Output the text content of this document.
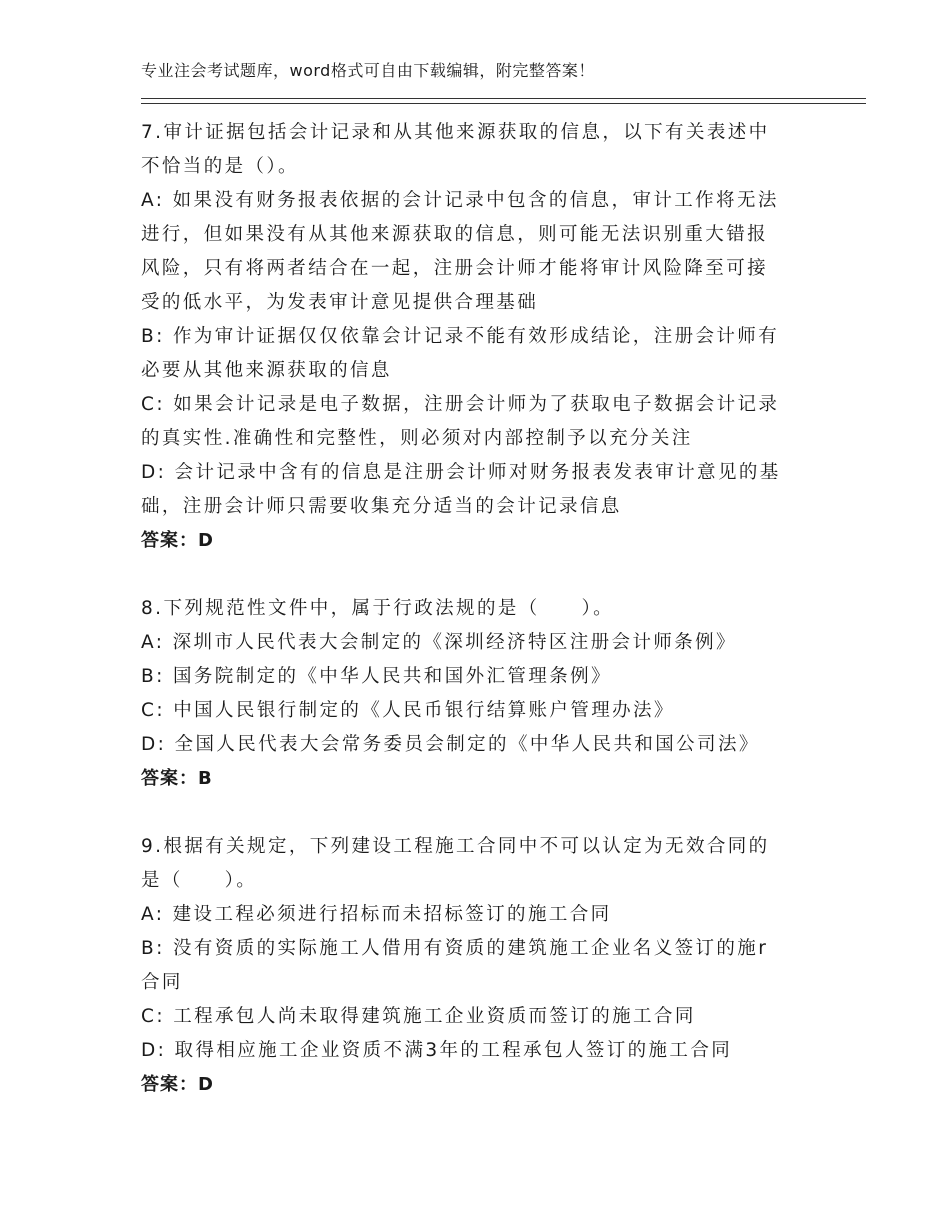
专业注会考试题库，word格式可自由下载编辑，附完整答案！
7.审计证据包括会计记录和从其他来源获取的信息，以下有关表述中
不恰当的是（）。
A: 如果没有财务报表依据的会计记录中包含的信息，审计工作将无法
进行，但如果没有从其他来源获取的信息，则可能无法识别重大错报
风险，只有将两者结合在一起，注册会计师才能将审计风险降至可接
受的低水平，为发表审计意见提供合理基础
B: 作为审计证据仅仅依靠会计记录不能有效形成结论，注册会计师有
必要从其他来源获取的信息
C: 如果会计记录是电子数据，注册会计师为了获取电子数据会计记录
的真实性.准确性和完整性，则必须对内部控制予以充分关注
D: 会计记录中含有的信息是注册会计师对财务报表发表审计意见的基
础，注册会计师只需要收集充分适当的会计记录信息
答案：D
8.下列规范性文件中，属于行政法规的是（　　）。
A: 深圳市人民代表大会制定的《深圳经济特区注册会计师条例》
B: 国务院制定的《中华人民共和国外汇管理条例》
C: 中国人民银行制定的《人民币银行结算账户管理办法》
D: 全国人民代表大会常务委员会制定的《中华人民共和国公司法》
答案：B
9.根据有关规定，下列建设工程施工合同中不可以认定为无效合同的
是（　　）。
A: 建设工程必须进行招标而未招标签订的施工合同
B: 没有资质的实际施工人借用有资质的建筑施工企业名义签订的施r
合同
C: 工程承包人尚未取得建筑施工企业资质而签订的施工合同
D: 取得相应施工企业资质不满3年的工程承包人签订的施工合同
答案：D
